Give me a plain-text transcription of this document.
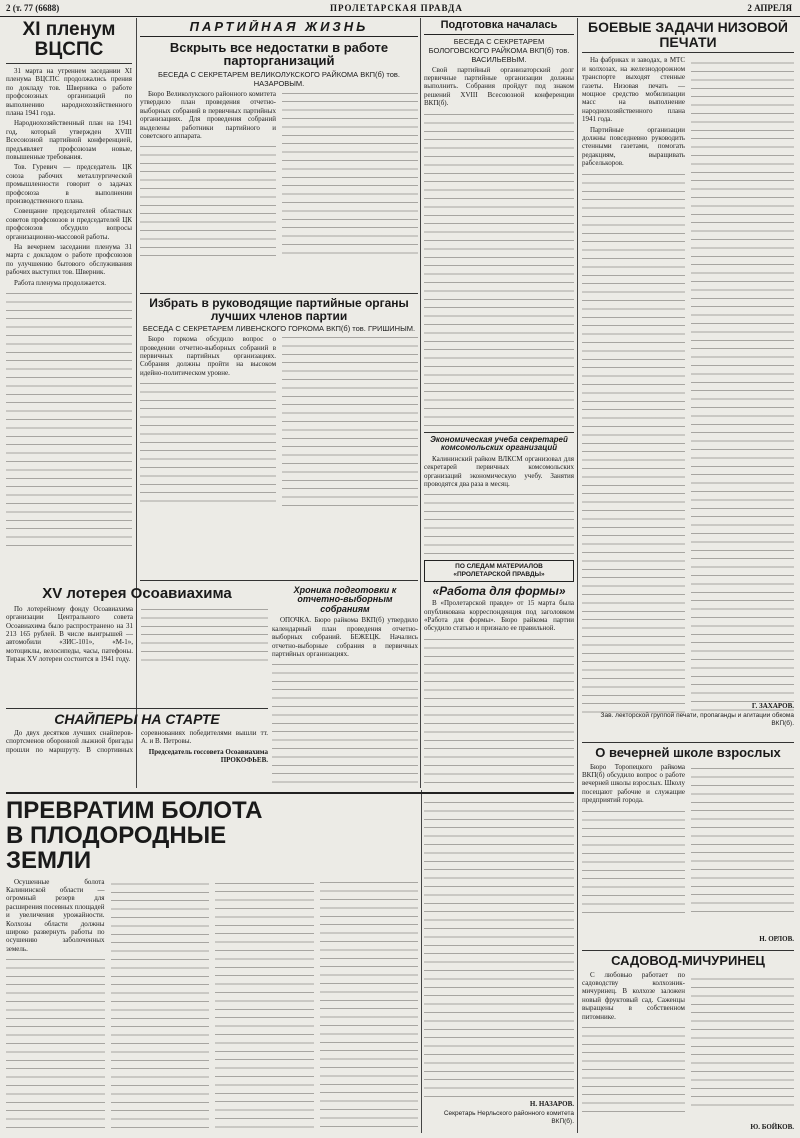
2 (т. 77 (6688)	ПРОЛЕТАРСКАЯ ПРАВДА	2 АПРЕЛЯ
XI пленум ВЦСПС

31 марта на утреннем заседании XI пленума ВЦСПС продолжались прения по докладу тов. Шверника о работе профсоюзных организаций по выполнению народнохозяйственного плана 1941 года.

Народнохозяйственный план на 1941 год, который утвержден XVIII Всесоюзной партийной конференцией, предъявляет профсоюзам новые, повышенные требования.

Тов. Гуревич — председатель ЦК союза рабочих металлургической промышленности говорит о задачах профсоюза в выполнении производственного плана.

Совещание председателей областных советов профсоюзов и председателей ЦК профсоюзов обсудило вопросы организационно-массовой работы.

На вечернем заседании пленума 31 марта с докладом о работе профсоюзов по улучшению бытового обслуживания рабочих выступил тов. Шверник.

Работа пленума продолжается.

XV лотерея Осоавиахима

По лотерейному фонду Осоавиахима организации Центрального совета Осоавиахима было распространено на 31 213 165 рублей. В числе выигрышей — автомобили «ЗИС-101», «М-1», мотоциклы, велосипеды, часы, патефоны. Тираж XV лотереи состоится в 1941 году.

СНАЙПЕРЫ НА СТАРТЕ

До двух десятков лучших снайперов-спортсменов оборонной лыжной бригады прошли по маршруту. В спортивных соревнованиях победителями вышли тт. А. и В. Петровы.

Председатель госсовета Осоавиахима ПРОКОФЬЕВ.
ПАРТИЙНАЯ ЖИЗНЬ
Вскрыть все недостатки в работе парторганизаций
БЕСЕДА С СЕКРЕТАРЕМ ВЕЛИКОЛУКСКОГО РАЙКОМА ВКП(б) тов. НАЗАРОВЫМ.

Бюро Великолукского районного комитета утвердило план проведения отчетно-выборных собраний в первичных партийных организациях. Для проведения собраний выделены работники партийного и советского аппарата.

Избрать в руководящие партийные органы лучших членов партии
БЕСЕДА С СЕКРЕТАРЕМ ЛИВЕНСКОГО ГОРКОМА ВКП(б) тов. ГРИШИНЫМ.

Бюро горкома обсудило вопрос о проведении отчетно-выборных собраний в первичных партийных организациях. Собрания должны пройти на высоком идейно-политическом уровне.

Хроника подготовки к отчетно-выборным собраниям

ОПОЧКА. Бюро райкома ВКП(б) утвердило календарный план проведения отчетно-выборных собраний. БЕЖЕЦК. Начались отчетно-выборные собрания в первичных партийных организациях.

Подготовка началась
БЕСЕДА С СЕКРЕТАРЕМ БОЛОГОВСКОГО РАЙКОМА ВКП(б) тов. ВАСИЛЬЕВЫМ.

Свой партийный организаторский долг первичные партийные организации должны выполнить. Собрания пройдут под знаком решений XVIII Всесоюзной конференции ВКП(б).

Экономическая учеба секретарей комсомольских организаций

Калининский райком ВЛКСМ организовал для секретарей первичных комсомольских организаций экономическую учебу. Занятия проводятся два раза в месяц.

ПО СЛЕДАМ МАТЕРИАЛОВ «ПРОЛЕТАРСКОЙ ПРАВДЫ»
«Работа для формы»

В «Пролетарской правде» от 15 марта была опубликована корреспонденция под заголовком «Работа для формы». Бюро райкома партии обсудило статью и признало ее правильной.

БОЕВЫЕ ЗАДАЧИ НИЗОВОЙ ПЕЧАТИ

На фабриках и заводах, в МТС и колхозах, на железнодорожном транспорте выходят стенные газеты. Низовая печать — мощное средство мобилизации масс на выполнение народнохозяйственного плана 1941 года.

Партийные организации должны повседневно руководить стенными газетами, помогать редакциям, выращивать рабселькоров.

Г. ЗАХАРОВ.
Зав. лекторской группой печати, пропаганды и агитации обкома ВКП(б).
О вечерней школе взрослых

Бюро Торопецкого райкома ВКП(б) обсудило вопрос о работе вечерней школы взрослых. Школу посещают рабочие и служащие предприятий города.

Н. ОРЛОВ.
САДОВОД-МИЧУРИНЕЦ

С любовью работает по садоводству колхозник-мичуринец. В колхозе заложен новый фруктовый сад. Саженцы выращены в собственном питомнике.

Ю. БОЙКОВ.
ПРЕВРАТИМ БОЛОТА В ПЛОДОРОДНЫЕ ЗЕМЛИ

Осушенные болота Калининской области — огромный резерв для расширения посевных площадей и увеличения урожайности. Колхозы области должны широко развернуть работы по осушению заболоченных земель.

Н. НАЗАРОВ.
Секретарь Нерльского районного комитета ВКП(б).
